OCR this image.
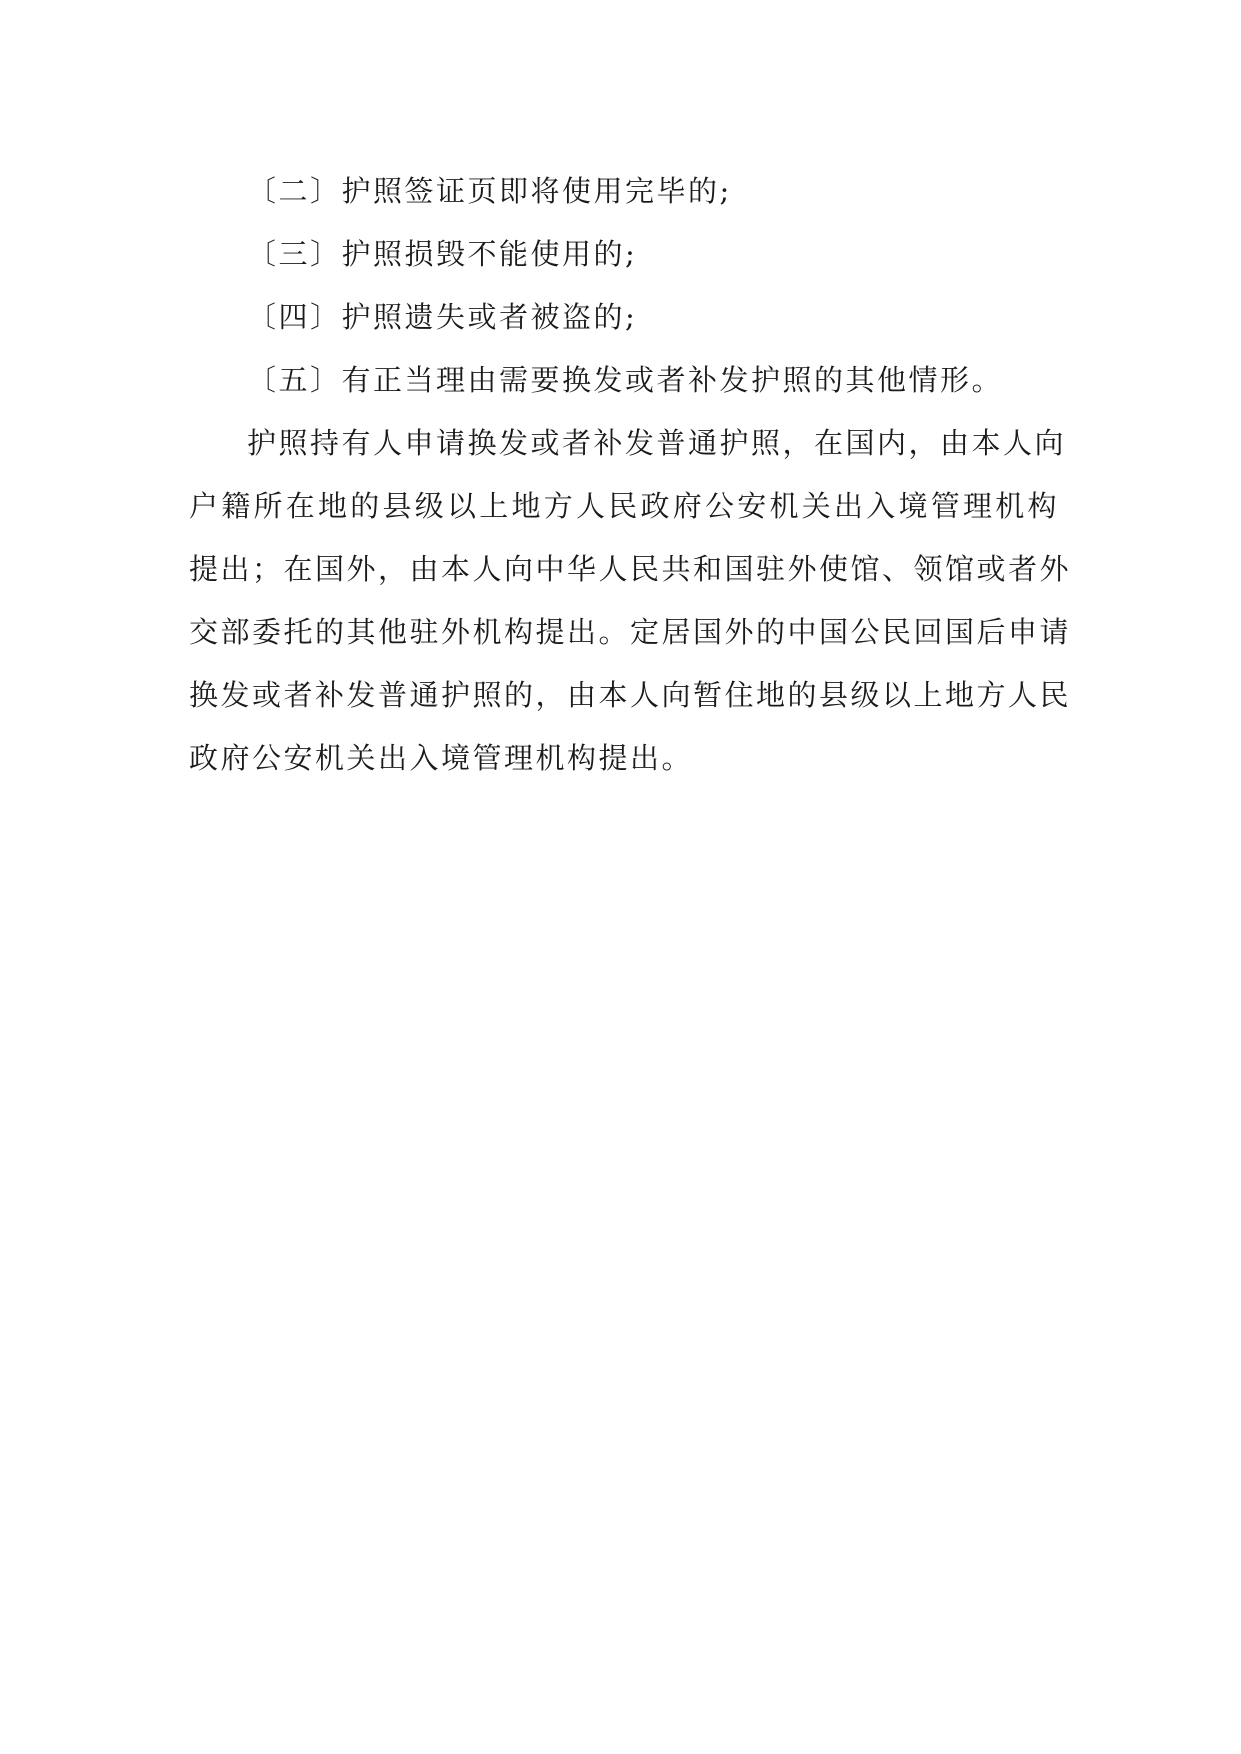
〔二〕护照签证页即将使用完毕的;
〔三〕护照损毁不能使用的;
〔四〕护照遗失或者被盗的;
〔五〕有正当理由需要换发或者补发护照的其他情形。
护照持有人申请换发或者补发普通护照，在国内，由本人向
户籍所在地的县级以上地方人民政府公安机关出入境管理机构
提出；在国外，由本人向中华人民共和国驻外使馆、领馆或者外
交部委托的其他驻外机构提出。定居国外的中国公民回国后申请
换发或者补发普通护照的，由本人向暂住地的县级以上地方人民
政府公安机关出入境管理机构提出。
